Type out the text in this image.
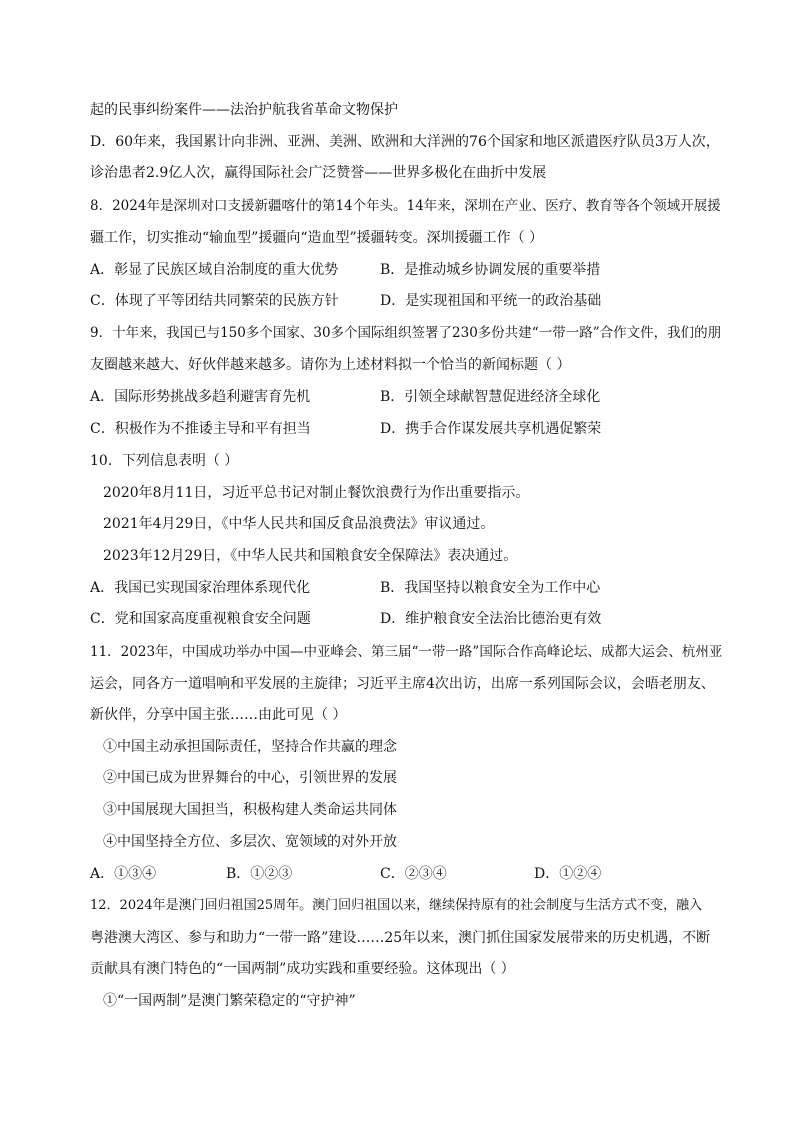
起的民事纠纷案件——法治护航我省革命文物保护
D．60年来，我国累计向非洲、亚洲、美洲、欧洲和大洋洲的76个国家和地区派遣医疗队员3万人次，
诊治患者2.9亿人次，赢得国际社会广泛赞誉——世界多极化在曲折中发展
8．2024年是深圳对口支援新疆喀什的第14个年头。14年来，深圳在产业、医疗、教育等各个领域开展援
疆工作，切实推动“输血型”援疆向“造血型”援疆转变。深圳援疆工作（ ）
A．彰显了民族区域自治制度的重大优势	B．是推动城乡协调发展的重要举措
C．体现了平等团结共同繁荣的民族方针	D．是实现祖国和平统一的政治基础
9．十年来，我国已与150多个国家、30多个国际组织签署了230多份共建“一带一路”合作文件，我们的朋
友圈越来越大、好伙伴越来越多。请你为上述材料拟一个恰当的新闻标题（ ）
A．国际形势挑战多趋利避害育先机	B．引领全球献智慧促进经济全球化
C．积极作为不推诿主导和平有担当	D．携手合作谋发展共享机遇促繁荣
10．下列信息表明（ ）
2020年8月11日，习近平总书记对制止餐饮浪费行为作出重要指示。
2021年4月29日，《中华人民共和国反食品浪费法》审议通过。
2023年12月29日，《中华人民共和国粮食安全保障法》表决通过。
A．我国已实现国家治理体系现代化	B．我国坚持以粮食安全为工作中心
C．党和国家高度重视粮食安全问题	D．维护粮食安全法治比德治更有效
11．2023年，中国成功举办中国—中亚峰会、第三届“一带一路”国际合作高峰论坛、成都大运会、杭州亚
运会，同各方一道唱响和平发展的主旋律；习近平主席4次出访，出席一系列国际会议，会晤老朋友、
新伙伴，分享中国主张……由此可见（ ）
①中国主动承担国际责任，坚持合作共赢的理念
②中国已成为世界舞台的中心，引领世界的发展
③中国展现大国担当，积极构建人类命运共同体
④中国坚持全方位、多层次、宽领域的对外开放
A．①③④	B．①②③	C．②③④	D．①②④
12．2024年是澳门回归祖国25周年。澳门回归祖国以来，继续保持原有的社会制度与生活方式不变，融入
粤港澳大湾区、参与和助力“一带一路”建设……25年以来，澳门抓住国家发展带来的历史机遇，不断
贡献具有澳门特色的“一国两制”成功实践和重要经验。这体现出（ ）
①“一国两制”是澳门繁荣稳定的“守护神”
